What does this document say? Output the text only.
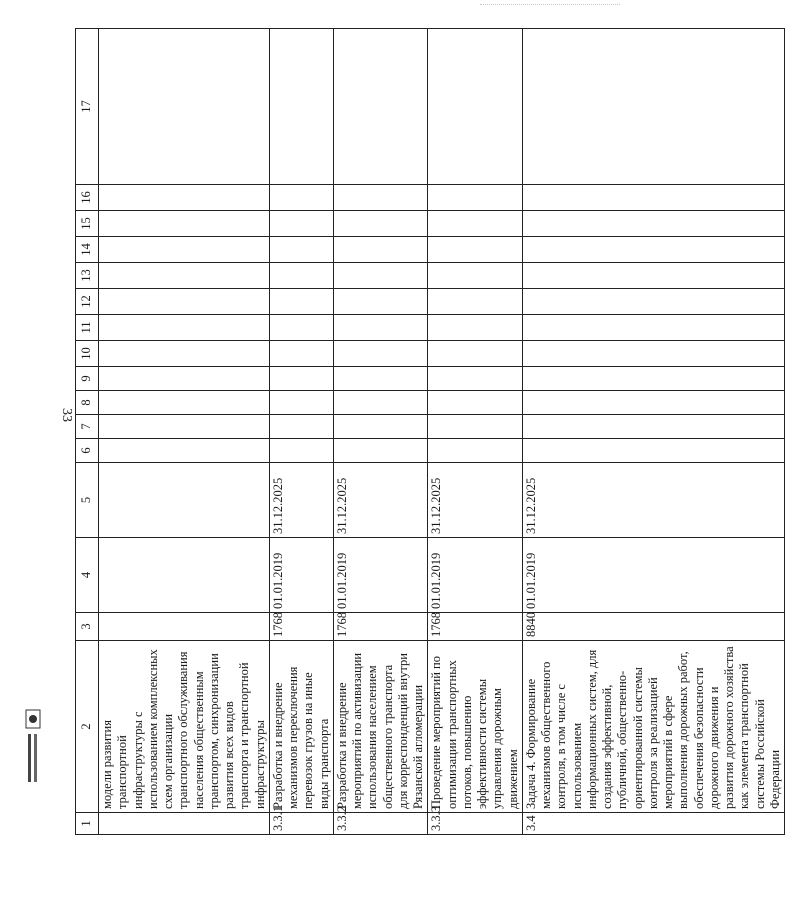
33
1	2	3	4	5	6	7	8	9	10	11	12	13	14	15	16	17
	модели развития транспортной инфраструктуры с использованием комплексных схем организации транспортного обслуживания населения общественным транспортом, синхронизации развития всех видов транспорта и транспортной инфраструктуры															
3.3.1	Разработка и внедрение механизмов переключения перевозок грузов на иные виды транспорта	1768	01.01.2019	31.12.2025												
3.3.2	Разработка и внедрение мероприятий по активизации использования населением общественного транспорта для корреспонденций внутри Рязанской агломерации	1768	01.01.2019	31.12.2025												
3.3.3	Проведение мероприятий по оптимизации транспортных потоков, повышению эффективности системы управления дорожным движением	1768	01.01.2019	31.12.2025												
3.4	Задача 4. Формирование механизмов общественного контроля, в том числе с использованием информационных систем, для создания эффективной, публичной, общественно-ориентированной системы контроля за реализацией мероприятий в сфере выполнения дорожных работ, обеспечения безопасности дорожного движения и развития дорожного хозяйства как элемента транспортной системы Российской Федерации	8840	01.01.2019	31.12.2025												
